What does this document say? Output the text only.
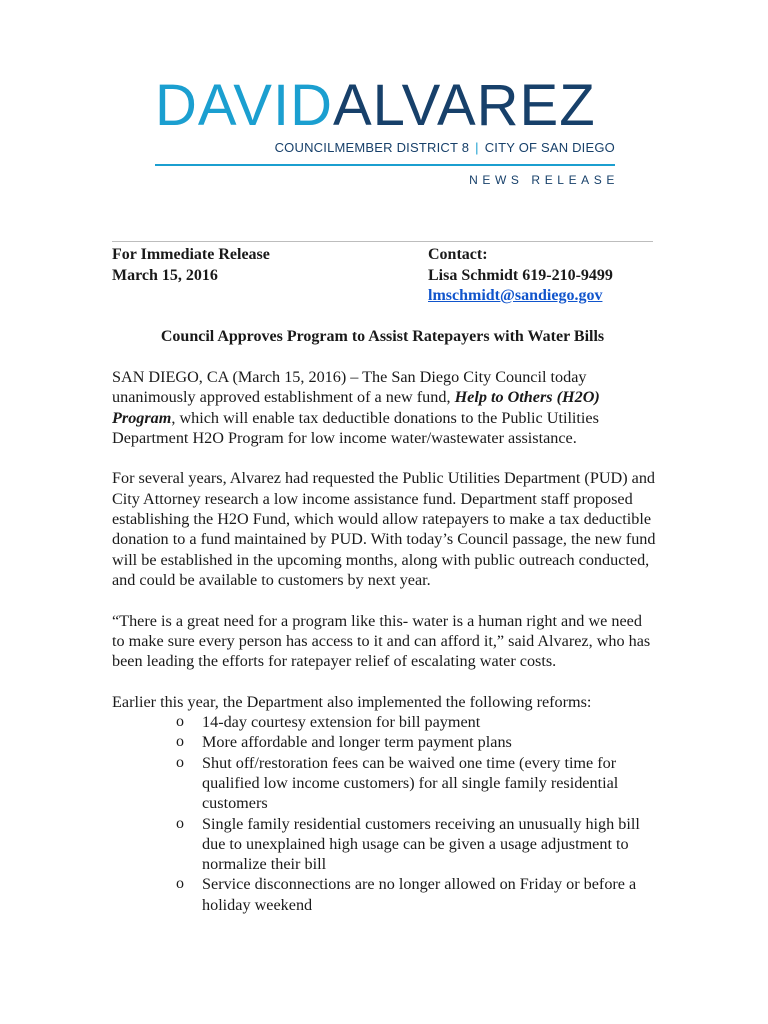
DAVIDALVAREZ
COUNCILMEMBER DISTRICT 8 | CITY OF SAN DIEGO
NEWS RELEASE
For Immediate Release
March 15, 2016
Contact:
Lisa Schmidt 619-210-9499
lmschmidt@sandiego.gov
Council Approves Program to Assist Ratepayers with Water Bills

SAN DIEGO, CA (March 15, 2016) – The San Diego City Council today unanimously approved establishment of a new fund, Help to Others (H2O) Program, which will enable tax deductible donations to the Public Utilities Department H2O Program for low income water/wastewater assistance.

For several years, Alvarez had requested the Public Utilities Department (PUD) and City Attorney research a low income assistance fund. Department staff proposed establishing the H2O Fund, which would allow ratepayers to make a tax deductible donation to a fund maintained by PUD. With today’s Council passage, the new fund will be established in the upcoming months, along with public outreach conducted, and could be available to customers by next year.

“There is a great need for a program like this- water is a human right and we need to make sure every person has access to it and can afford it,” said Alvarez, who has been leading the efforts for ratepayer relief of escalating water costs.

Earlier this year, the Department also implemented the following reforms:

o 14-day courtesy extension for bill payment
o More affordable and longer term payment plans
o Shut off/restoration fees can be waived one time (every time for qualified low income customers) for all single family residential customers
o Single family residential customers receiving an unusually high bill due to unexplained high usage can be given a usage adjustment to normalize their bill
o Service disconnections are no longer allowed on Friday or before a holiday weekend
